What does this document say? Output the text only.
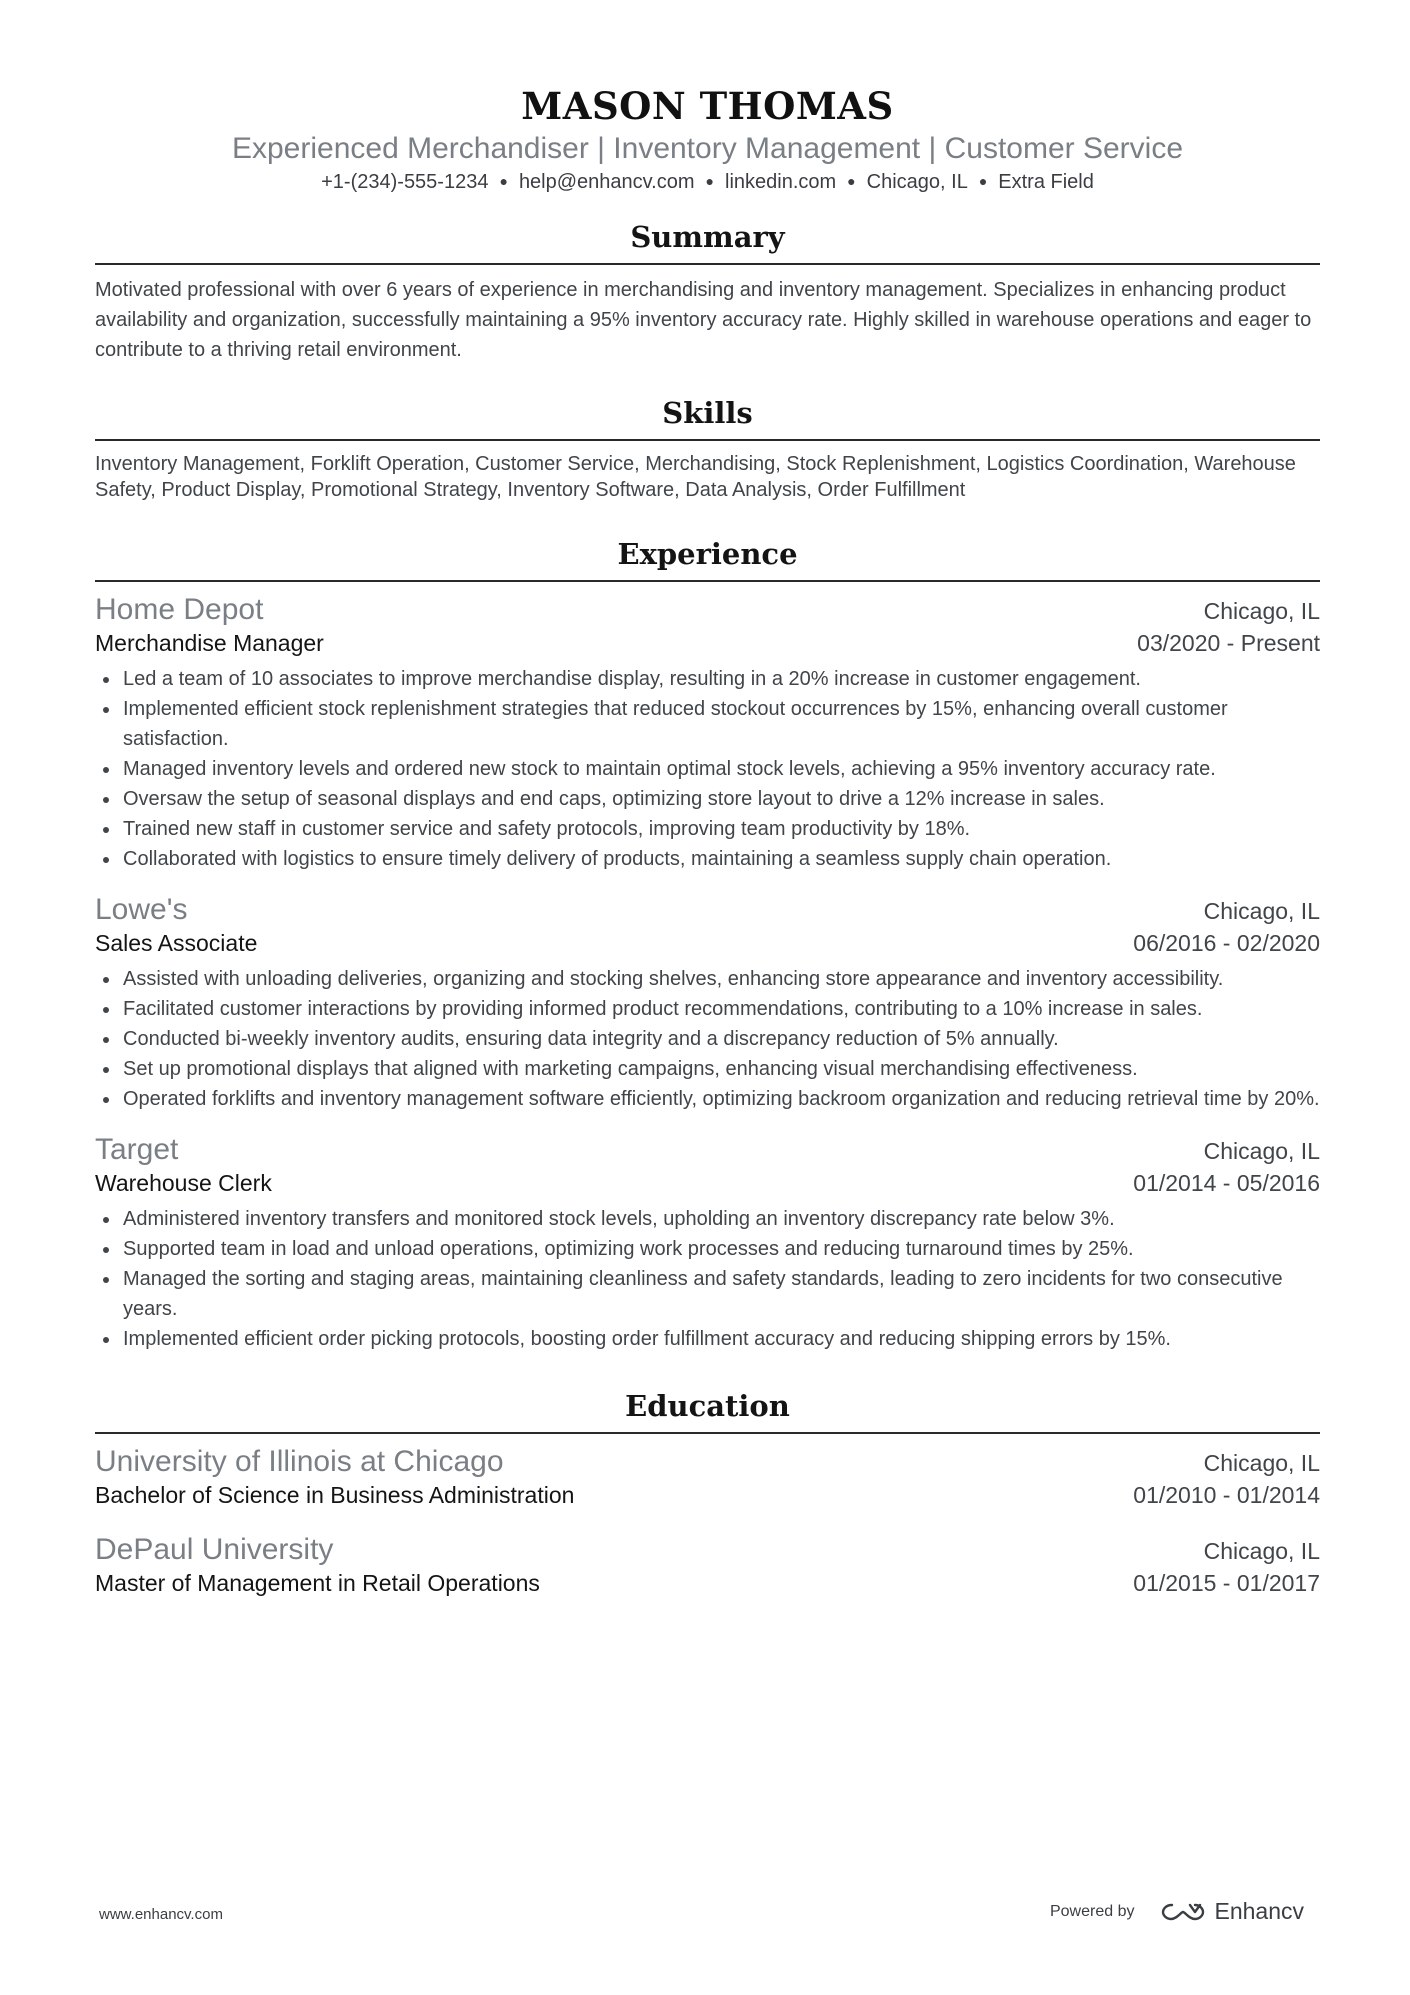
MASON THOMAS
Experienced Merchandiser | Inventory Management | Customer Service
+1-(234)-555-1234 ● help@enhancv.com ● linkedin.com ● Chicago, IL ● Extra Field
Summary
Motivated professional with over 6 years of experience in merchandising and inventory management. Specializes in enhancing product availability and organization, successfully maintaining a 95% inventory accuracy rate. Highly skilled in warehouse operations and eager to contribute to a thriving retail environment.
Skills
Inventory Management, Forklift Operation, Customer Service, Merchandising, Stock Replenishment, Logistics Coordination, Warehouse Safety, Product Display, Promotional Strategy, Inventory Software, Data Analysis, Order Fulfillment
Experience
Home Depot	Chicago, IL
Merchandise Manager	03/2020 - Present
Led a team of 10 associates to improve merchandise display, resulting in a 20% increase in customer engagement.
Implemented efficient stock replenishment strategies that reduced stockout occurrences by 15%, enhancing overall customer satisfaction.
Managed inventory levels and ordered new stock to maintain optimal stock levels, achieving a 95% inventory accuracy rate.
Oversaw the setup of seasonal displays and end caps, optimizing store layout to drive a 12% increase in sales.
Trained new staff in customer service and safety protocols, improving team productivity by 18%.
Collaborated with logistics to ensure timely delivery of products, maintaining a seamless supply chain operation.
Lowe's	Chicago, IL
Sales Associate	06/2016 - 02/2020
Assisted with unloading deliveries, organizing and stocking shelves, enhancing store appearance and inventory accessibility.
Facilitated customer interactions by providing informed product recommendations, contributing to a 10% increase in sales.
Conducted bi-weekly inventory audits, ensuring data integrity and a discrepancy reduction of 5% annually.
Set up promotional displays that aligned with marketing campaigns, enhancing visual merchandising effectiveness.
Operated forklifts and inventory management software efficiently, optimizing backroom organization and reducing retrieval time by 20%.
Target	Chicago, IL
Warehouse Clerk	01/2014 - 05/2016
Administered inventory transfers and monitored stock levels, upholding an inventory discrepancy rate below 3%.
Supported team in load and unload operations, optimizing work processes and reducing turnaround times by 25%.
Managed the sorting and staging areas, maintaining cleanliness and safety standards, leading to zero incidents for two consecutive years.
Implemented efficient order picking protocols, boosting order fulfillment accuracy and reducing shipping errors by 15%.
Education
University of Illinois at Chicago	Chicago, IL
Bachelor of Science in Business Administration	01/2010 - 01/2014
DePaul University	Chicago, IL
Master of Management in Retail Operations	01/2015 - 01/2017
www.enhancv.com	Powered by	Enhancv
